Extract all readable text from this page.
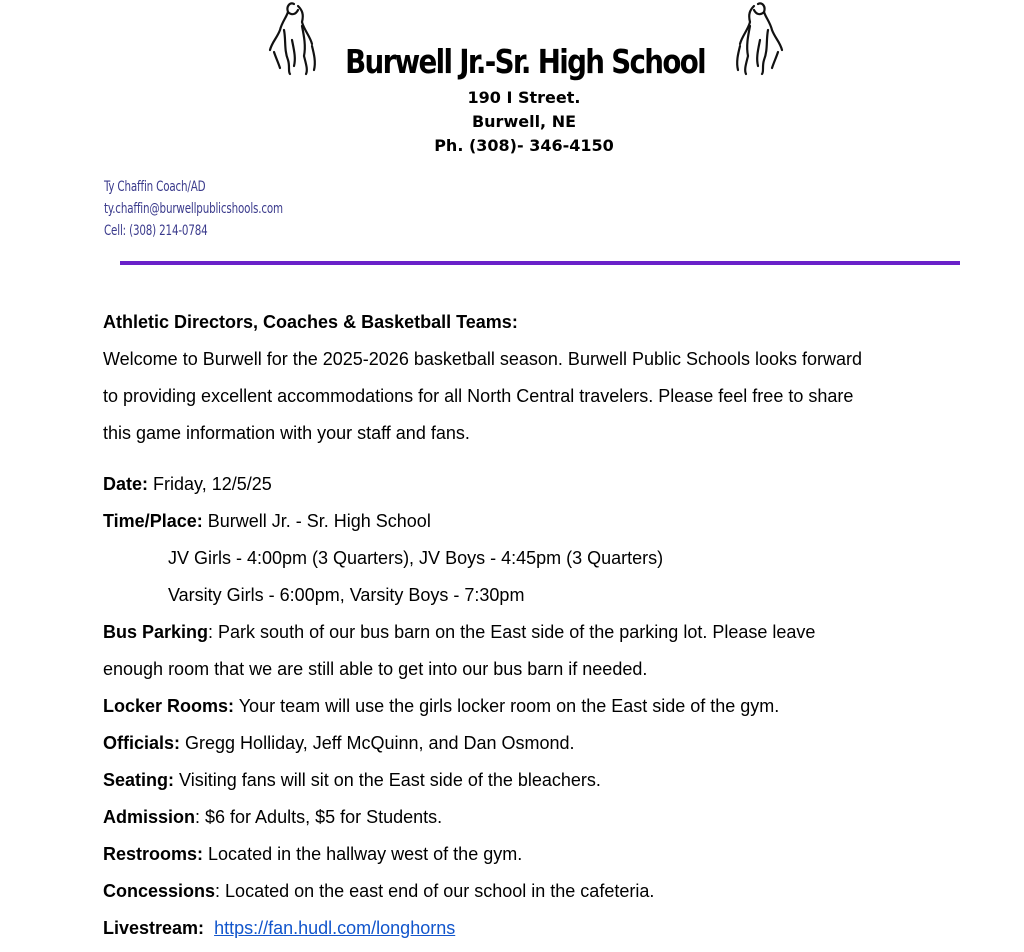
Burwell Jr.-Sr. High School
190 I Street.
Burwell, NE
Ph. (308)- 346-4150
Ty Chaffin Coach/AD
ty.chaffin@burwellpublicshools.com
Cell: (308) 214-0784

Athletic Directors, Coaches & Basketball Teams:

Welcome to Burwell for the 2025-2026 basketball season. Burwell Public Schools looks forward

to providing excellent accommodations for all North Central travelers. Please feel free to share

this game information with your staff and fans.

Date: Friday, 12/5/25

Time/Place: Burwell Jr. - Sr. High School

JV Girls - 4:00pm (3 Quarters), JV Boys - 4:45pm (3 Quarters)

Varsity Girls - 6:00pm, Varsity Boys - 7:30pm

Bus Parking: Park south of our bus barn on the East side of the parking lot. Please leave

enough room that we are still able to get into our bus barn if needed.

Locker Rooms: Your team will use the girls locker room on the East side of the gym.

Officials: Gregg Holliday, Jeff McQuinn, and Dan Osmond.

Seating: Visiting fans will sit on the East side of the bleachers.

Admission: $6 for Adults, $5 for Students.

Restrooms: Located in the hallway west of the gym.

Concessions: Located on the east end of our school in the cafeteria.

Livestream: https://fan.hudl.com/longhorns
